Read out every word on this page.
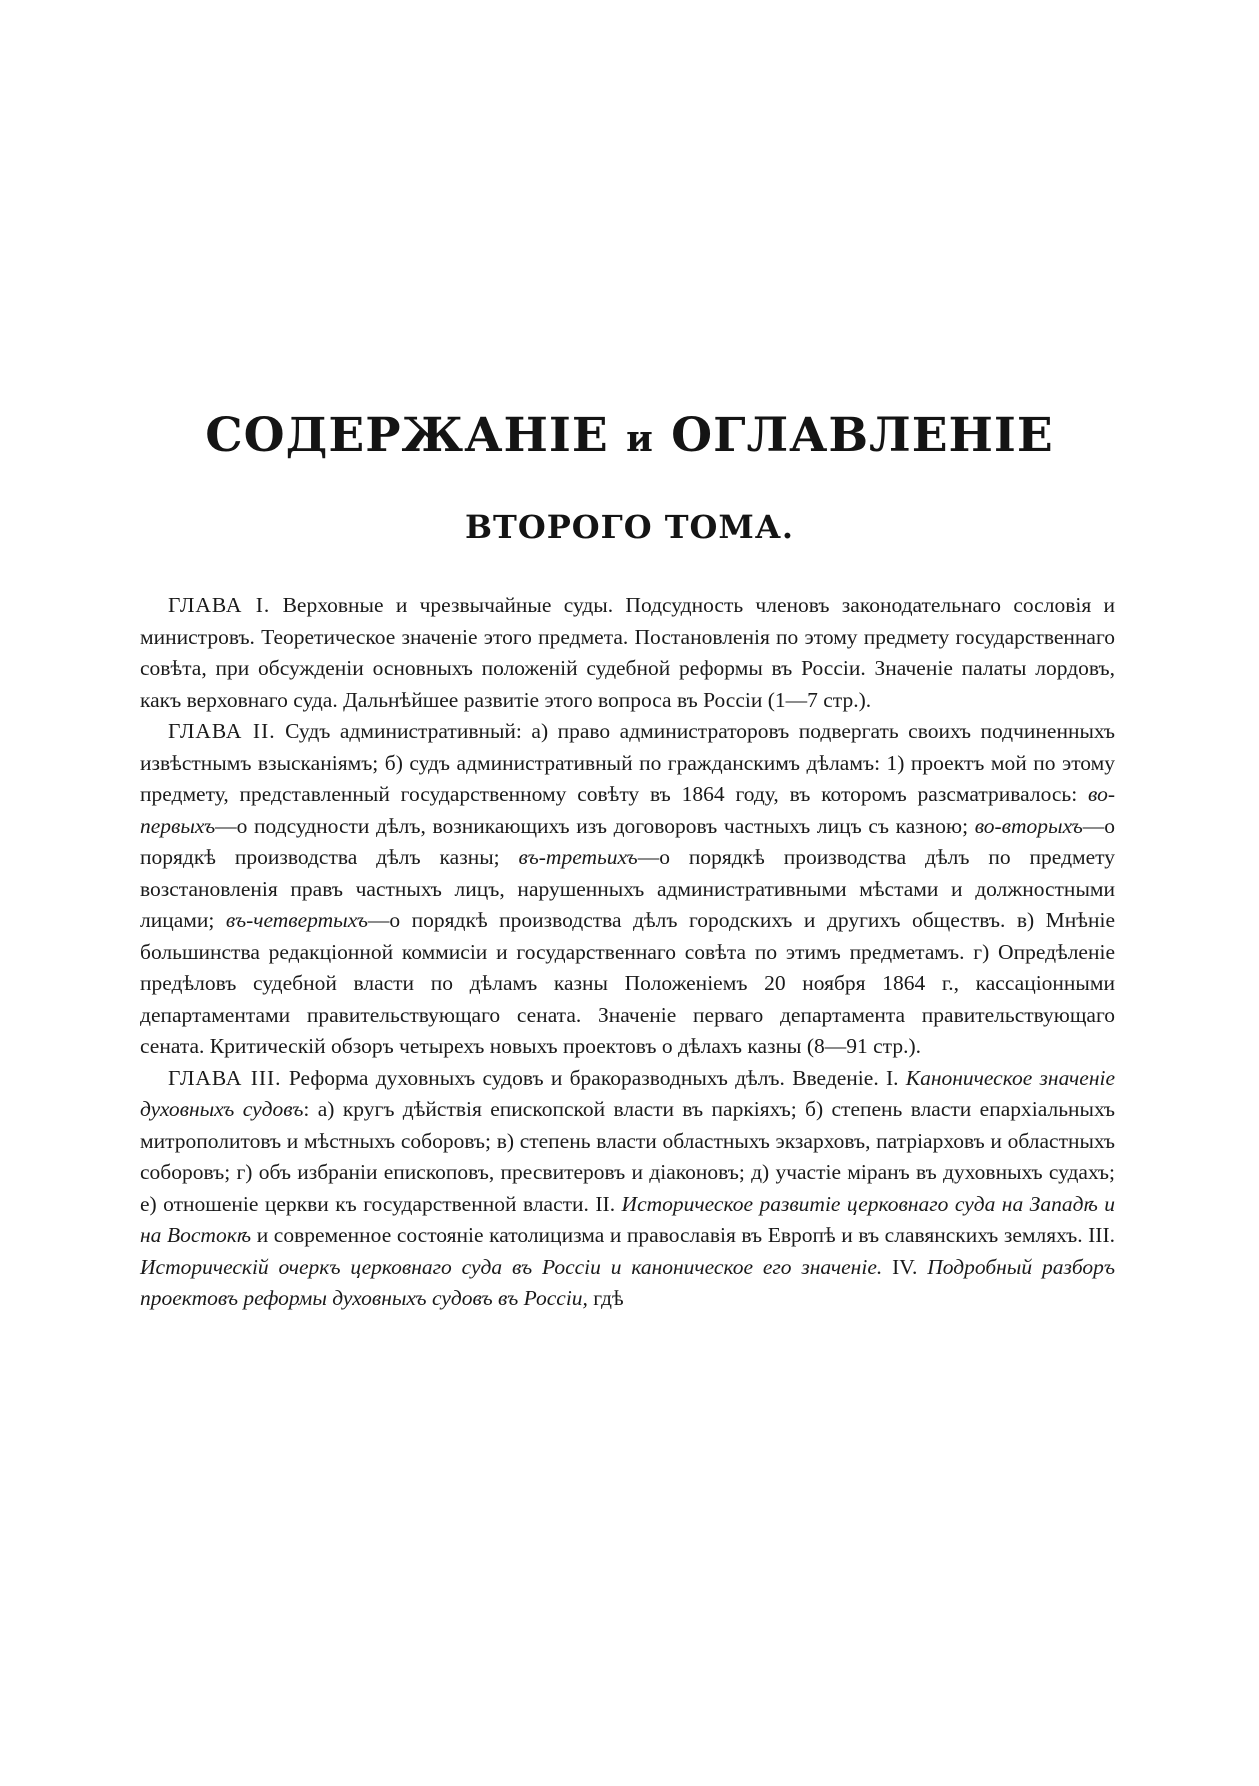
СОДЕРЖАНІЕ и ОГЛАВЛЕНІЕ
ВТОРОГО ТОМА.

ГЛАВА I. Верховные и чрезвычайные суды. Подсудность членовъ законодательнаго сословія и министровъ. Теоретическое значеніе этого предмета. Постановленія по этому предмету государственнаго совѣта, при обсужденіи основныхъ положеній судебной реформы въ Россіи. Значеніе палаты лордовъ, какъ верховнаго суда. Дальнѣйшее развитіе этого вопроса въ Россіи (1—7 стр.).

ГЛАВА II. Судъ административный: а) право администраторовъ подвергать своихъ подчиненныхъ извѣстнымъ взысканіямъ; б) судъ административный по гражданскимъ дѣламъ: 1) проектъ мой по этому предмету, представленный государственному совѣту въ 1864 году, въ которомъ разсматривалось: во-первыхъ—о подсудности дѣлъ, возникающихъ изъ договоровъ частныхъ лицъ съ казною; во-вторыхъ—о порядкѣ производства дѣлъ казны; въ-третьихъ—о порядкѣ производства дѣлъ по предмету возстановленія правъ частныхъ лицъ, нарушенныхъ административными мѣстами и должностными лицами; въ-четвертыхъ—о порядкѣ производства дѣлъ городскихъ и другихъ обществъ. в) Мнѣніе большинства редакціонной коммисіи и государственнаго совѣта по этимъ предметамъ. г) Опредѣленіе предѣловъ судебной власти по дѣламъ казны Положеніемъ 20 ноября 1864 г., кассаціонными департаментами правительствующаго сената. Значеніе перваго департамента правительствующаго сената. Критическій обзоръ четырехъ новыхъ проектовъ о дѣлахъ казны (8—91 стр.).

ГЛАВА III. Реформа духовныхъ судовъ и бракоразводныхъ дѣлъ. Введеніе. I. Каноническое значеніе духовныхъ судовъ: а) кругъ дѣйствія епископской власти въ паркіяхъ; б) степень власти епархіальныхъ митрополитовъ и мѣстныхъ соборовъ; в) степень власти областныхъ экзарховъ, патріарховъ и областныхъ соборовъ; г) объ избраніи епископовъ, пресвитеровъ и діаконовъ; д) участіе міранъ въ духовныхъ судахъ; е) отношеніе церкви къ государственной власти. II. Историческое развитіе церковнаго суда на Западѣ и на Востокѣ и современное состояніе католицизма и православія въ Европѣ и въ славянскихъ земляхъ. III. Историческій очеркъ церковнаго суда въ Россіи и каноническое его значеніе. IV. Подробный разборъ проектовъ реформы духовныхъ судовъ въ Россіи, гдѣ
